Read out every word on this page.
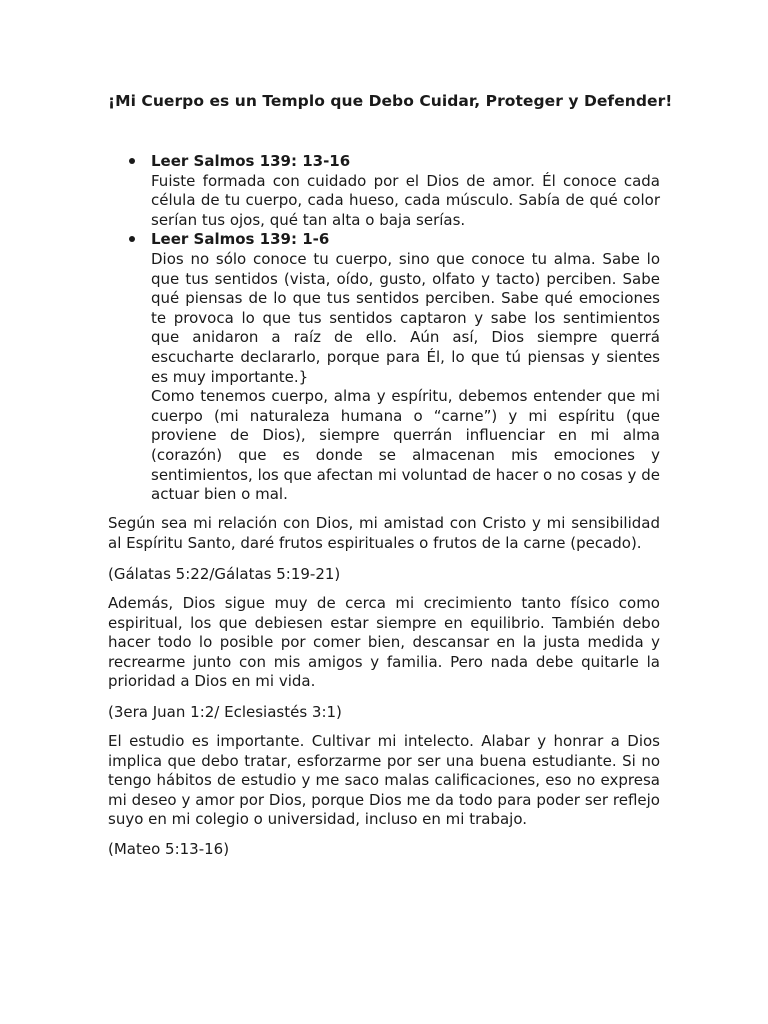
¡Mi Cuerpo es un Templo que Debo Cuidar, Proteger y Defender!

Leer Salmos 139: 13-16

Fuiste formada con cuidado por el Dios de amor. Él conoce cada célula de tu cuerpo, cada hueso, cada músculo. Sabía de qué color serían tus ojos, qué tan alta o baja serías.

Leer Salmos 139: 1-6

Dios no sólo conoce tu cuerpo, sino que conoce tu alma. Sabe lo que tus sentidos (vista, oído, gusto, olfato y tacto) perciben. Sabe qué piensas de lo que tus sentidos perciben. Sabe qué emociones te provoca lo que tus sentidos captaron y sabe los sentimientos que anidaron a raíz de ello. Aún así, Dios siempre querrá escucharte declararlo, porque para Él, lo que tú piensas y sientes es muy importante.}

Como tenemos cuerpo, alma y espíritu, debemos entender que mi cuerpo (mi naturaleza humana o “carne”) y mi espíritu (que proviene de Dios), siempre querrán influenciar en mi alma (corazón) que es donde se almacenan mis emociones y sentimientos, los que afectan mi voluntad de hacer o no cosas y de actuar bien o mal.

Según sea mi relación con Dios, mi amistad con Cristo y mi sensibilidad al Espíritu Santo, daré frutos espirituales o frutos de la carne (pecado).

(Gálatas 5:22/Gálatas 5:19-21)

Además, Dios sigue muy de cerca mi crecimiento tanto físico como espiritual, los que debiesen estar siempre en equilibrio. También debo hacer todo lo posible por comer bien, descansar en la justa medida y recrearme junto con mis amigos y familia. Pero nada debe quitarle la prioridad a Dios en mi vida.

(3era Juan 1:2/ Eclesiastés 3:1)

El estudio es importante. Cultivar mi intelecto. Alabar y honrar a Dios implica que debo tratar, esforzarme por ser una buena estudiante. Si no tengo hábitos de estudio y me saco malas calificaciones, eso no expresa mi deseo y amor por Dios, porque Dios me da todo para poder ser reflejo suyo en mi colegio o universidad, incluso en mi trabajo.

(Mateo 5:13-16)
